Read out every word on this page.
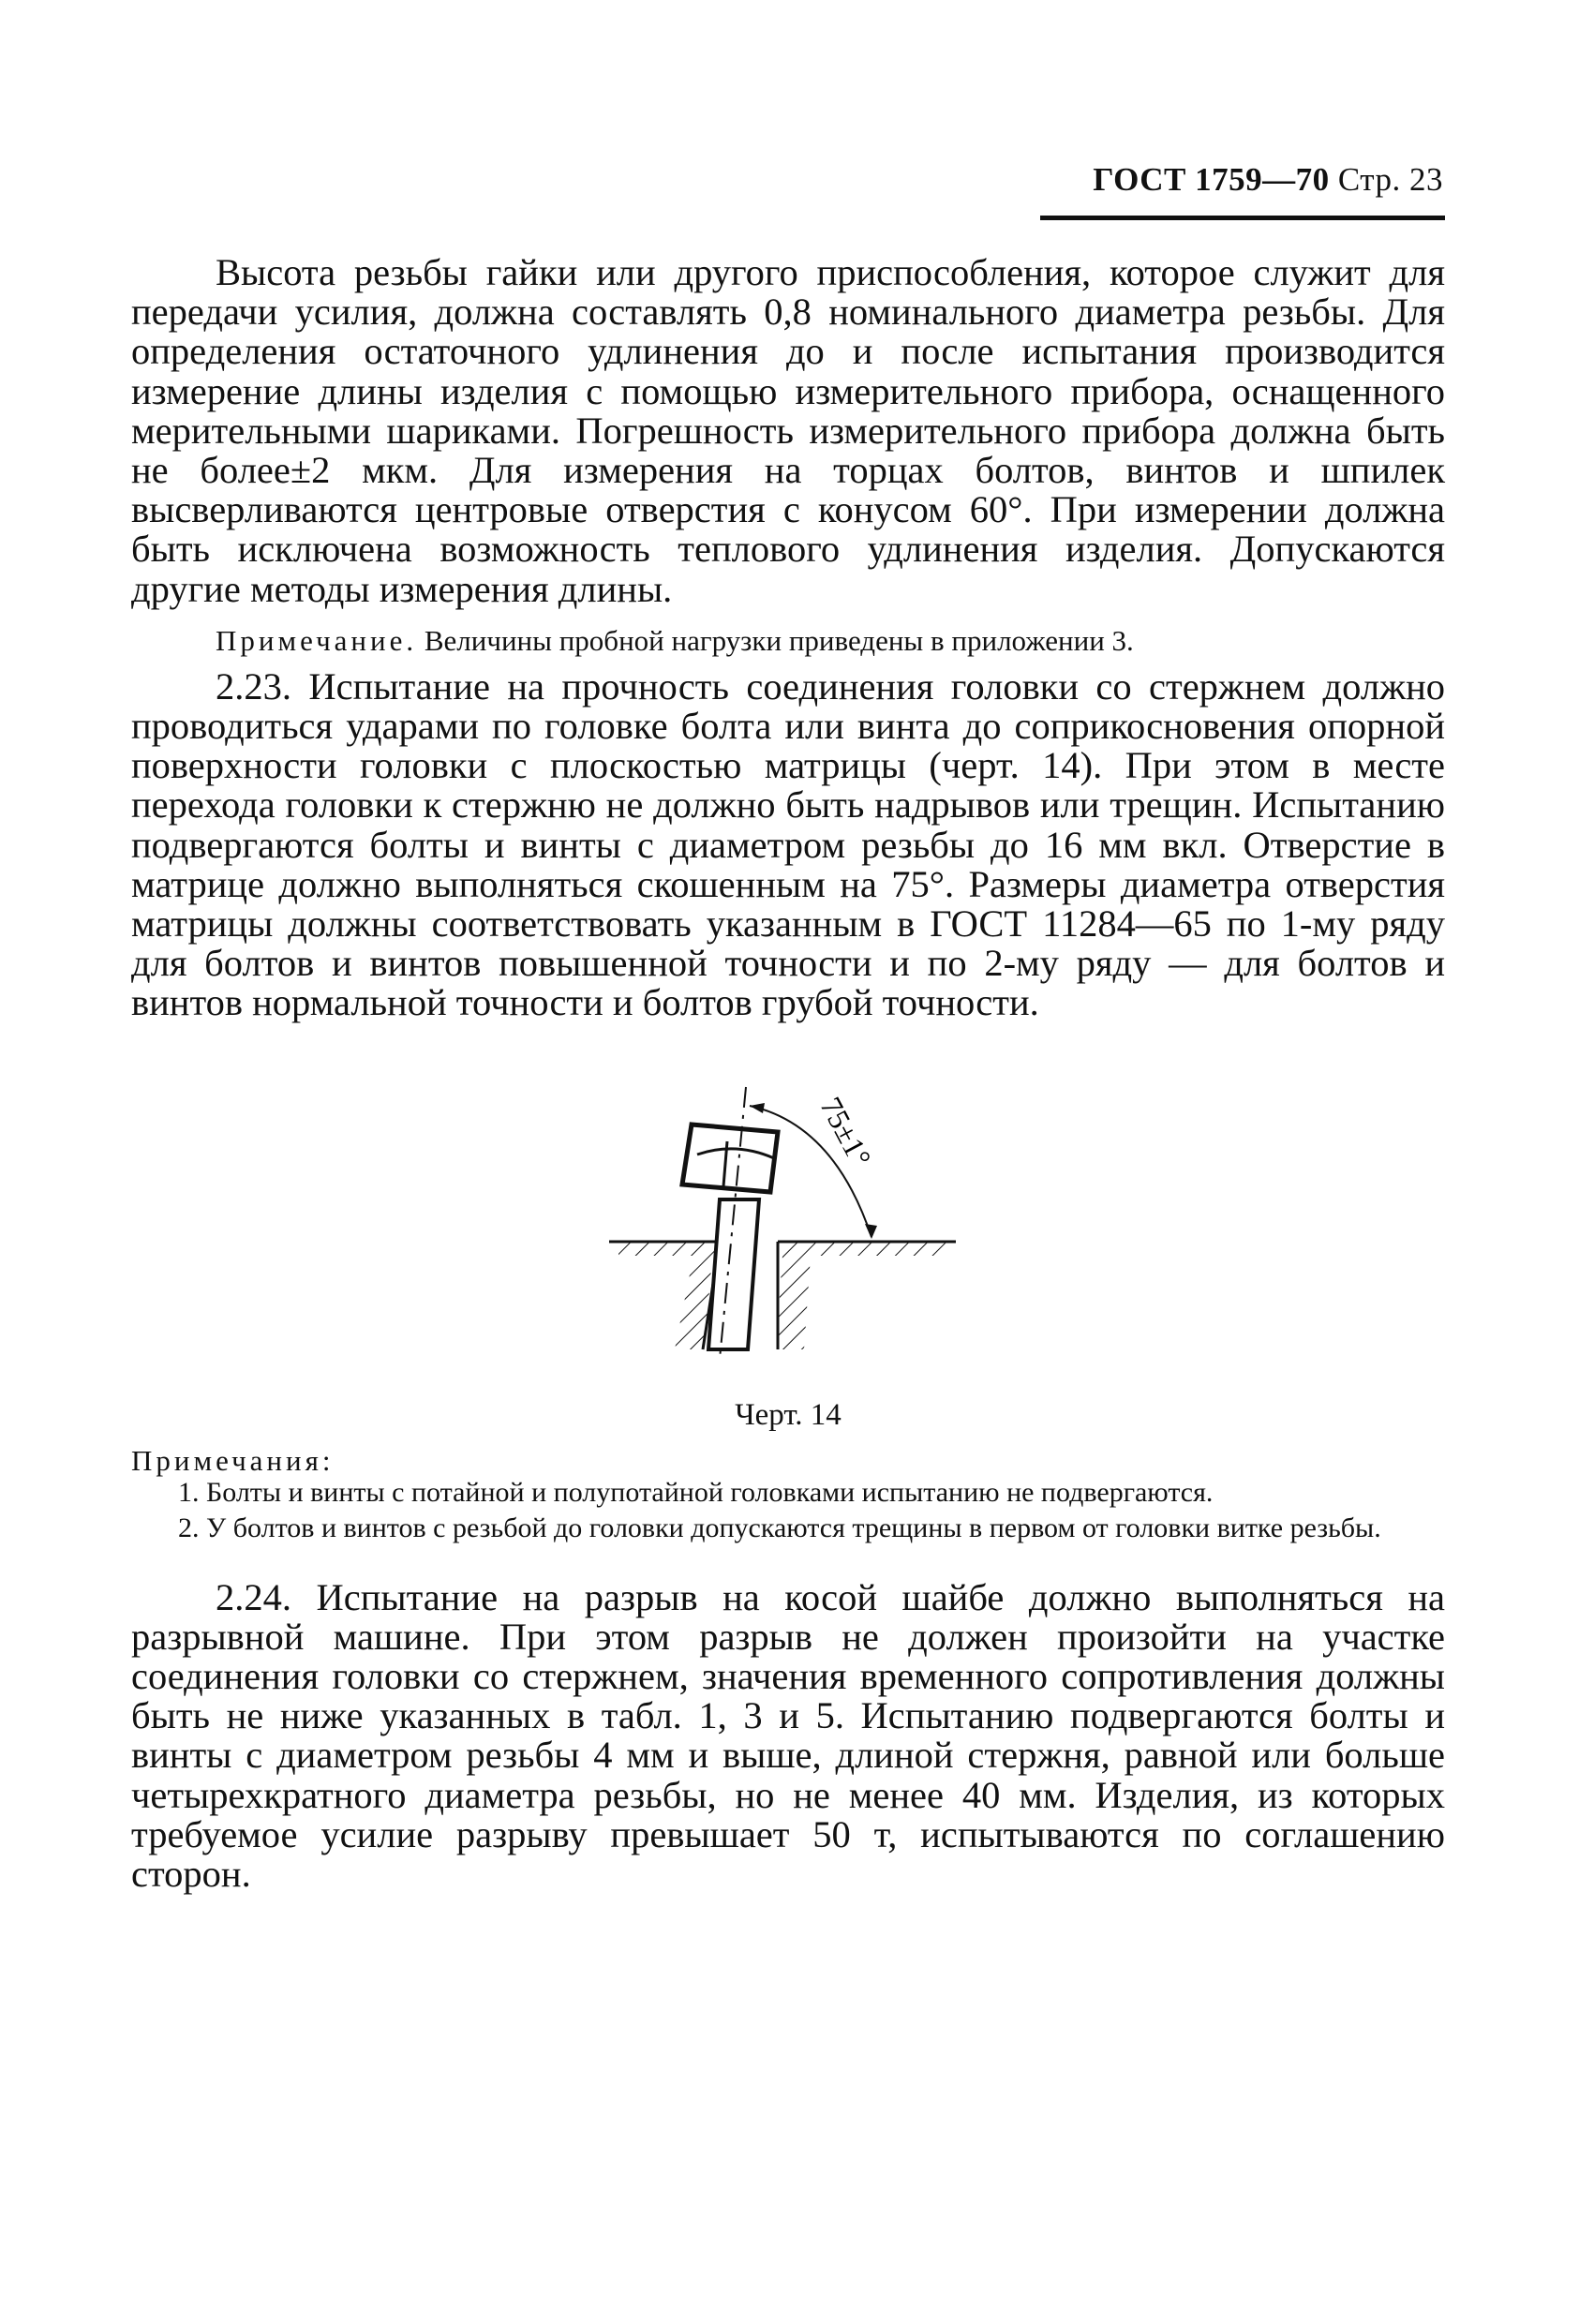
ГОСТ 1759—70 Стр. 23

Высота резьбы гайки или другого приспособления, которое служит для передачи усилия, должна составлять 0,8 номинального диаметра резьбы. Для определения остаточного удлинения до и после испытания производится измерение длины изделия с помощью измерительного прибора, оснащенного мерительными шариками. Погрешность измерительного прибора должна быть не более±2 мкм. Для измерения на торцах болтов, винтов и шпилек высверливаются центровые отверстия с конусом 60°. При измерении должна быть исключена возможность теплового удлинения изделия. Допускаются другие методы измерения длины.

Примечание. Величины пробной нагрузки приведены в приложении 3.

2.23. Испытание на прочность соединения головки со стержнем должно проводиться ударами по головке болта или винта до соприкосновения опорной поверхности головки с плоскостью матрицы (черт. 14). При этом в месте перехода головки к стержню не должно быть надрывов или трещин. Испытанию подвергаются болты и винты с диаметром резьбы до 16 мм вкл. Отверстие в матрице должно выполняться скошенным на 75°. Размеры диаметра отверстия матрицы должны соответствовать указанным в ГОСТ 11284—65 по 1-му ряду для болтов и винтов повышенной точности и по 2-му ряду — для болтов и винтов нормальной точности и болтов грубой точности.

75±1°
Черт. 14
Примечания:

1. Болты и винты с потайной и полупотайной головками испытанию не подвергаются.

2. У болтов и винтов с резьбой до головки допускаются трещины в первом от головки витке резьбы.

2.24. Испытание на разрыв на косой шайбе должно выполняться на разрывной машине. При этом разрыв не должен произойти на участке соединения головки со стержнем, значения временного сопротивления должны быть не ниже указанных в табл. 1, 3 и 5. Испытанию подвергаются болты и винты с диаметром резьбы 4 мм и выше, длиной стержня, равной или больше четырехкратного диаметра резьбы, но не менее 40 мм. Изделия, из которых требуемое усилие разрыву превышает 50 т, испытываются по соглашению сторон.
